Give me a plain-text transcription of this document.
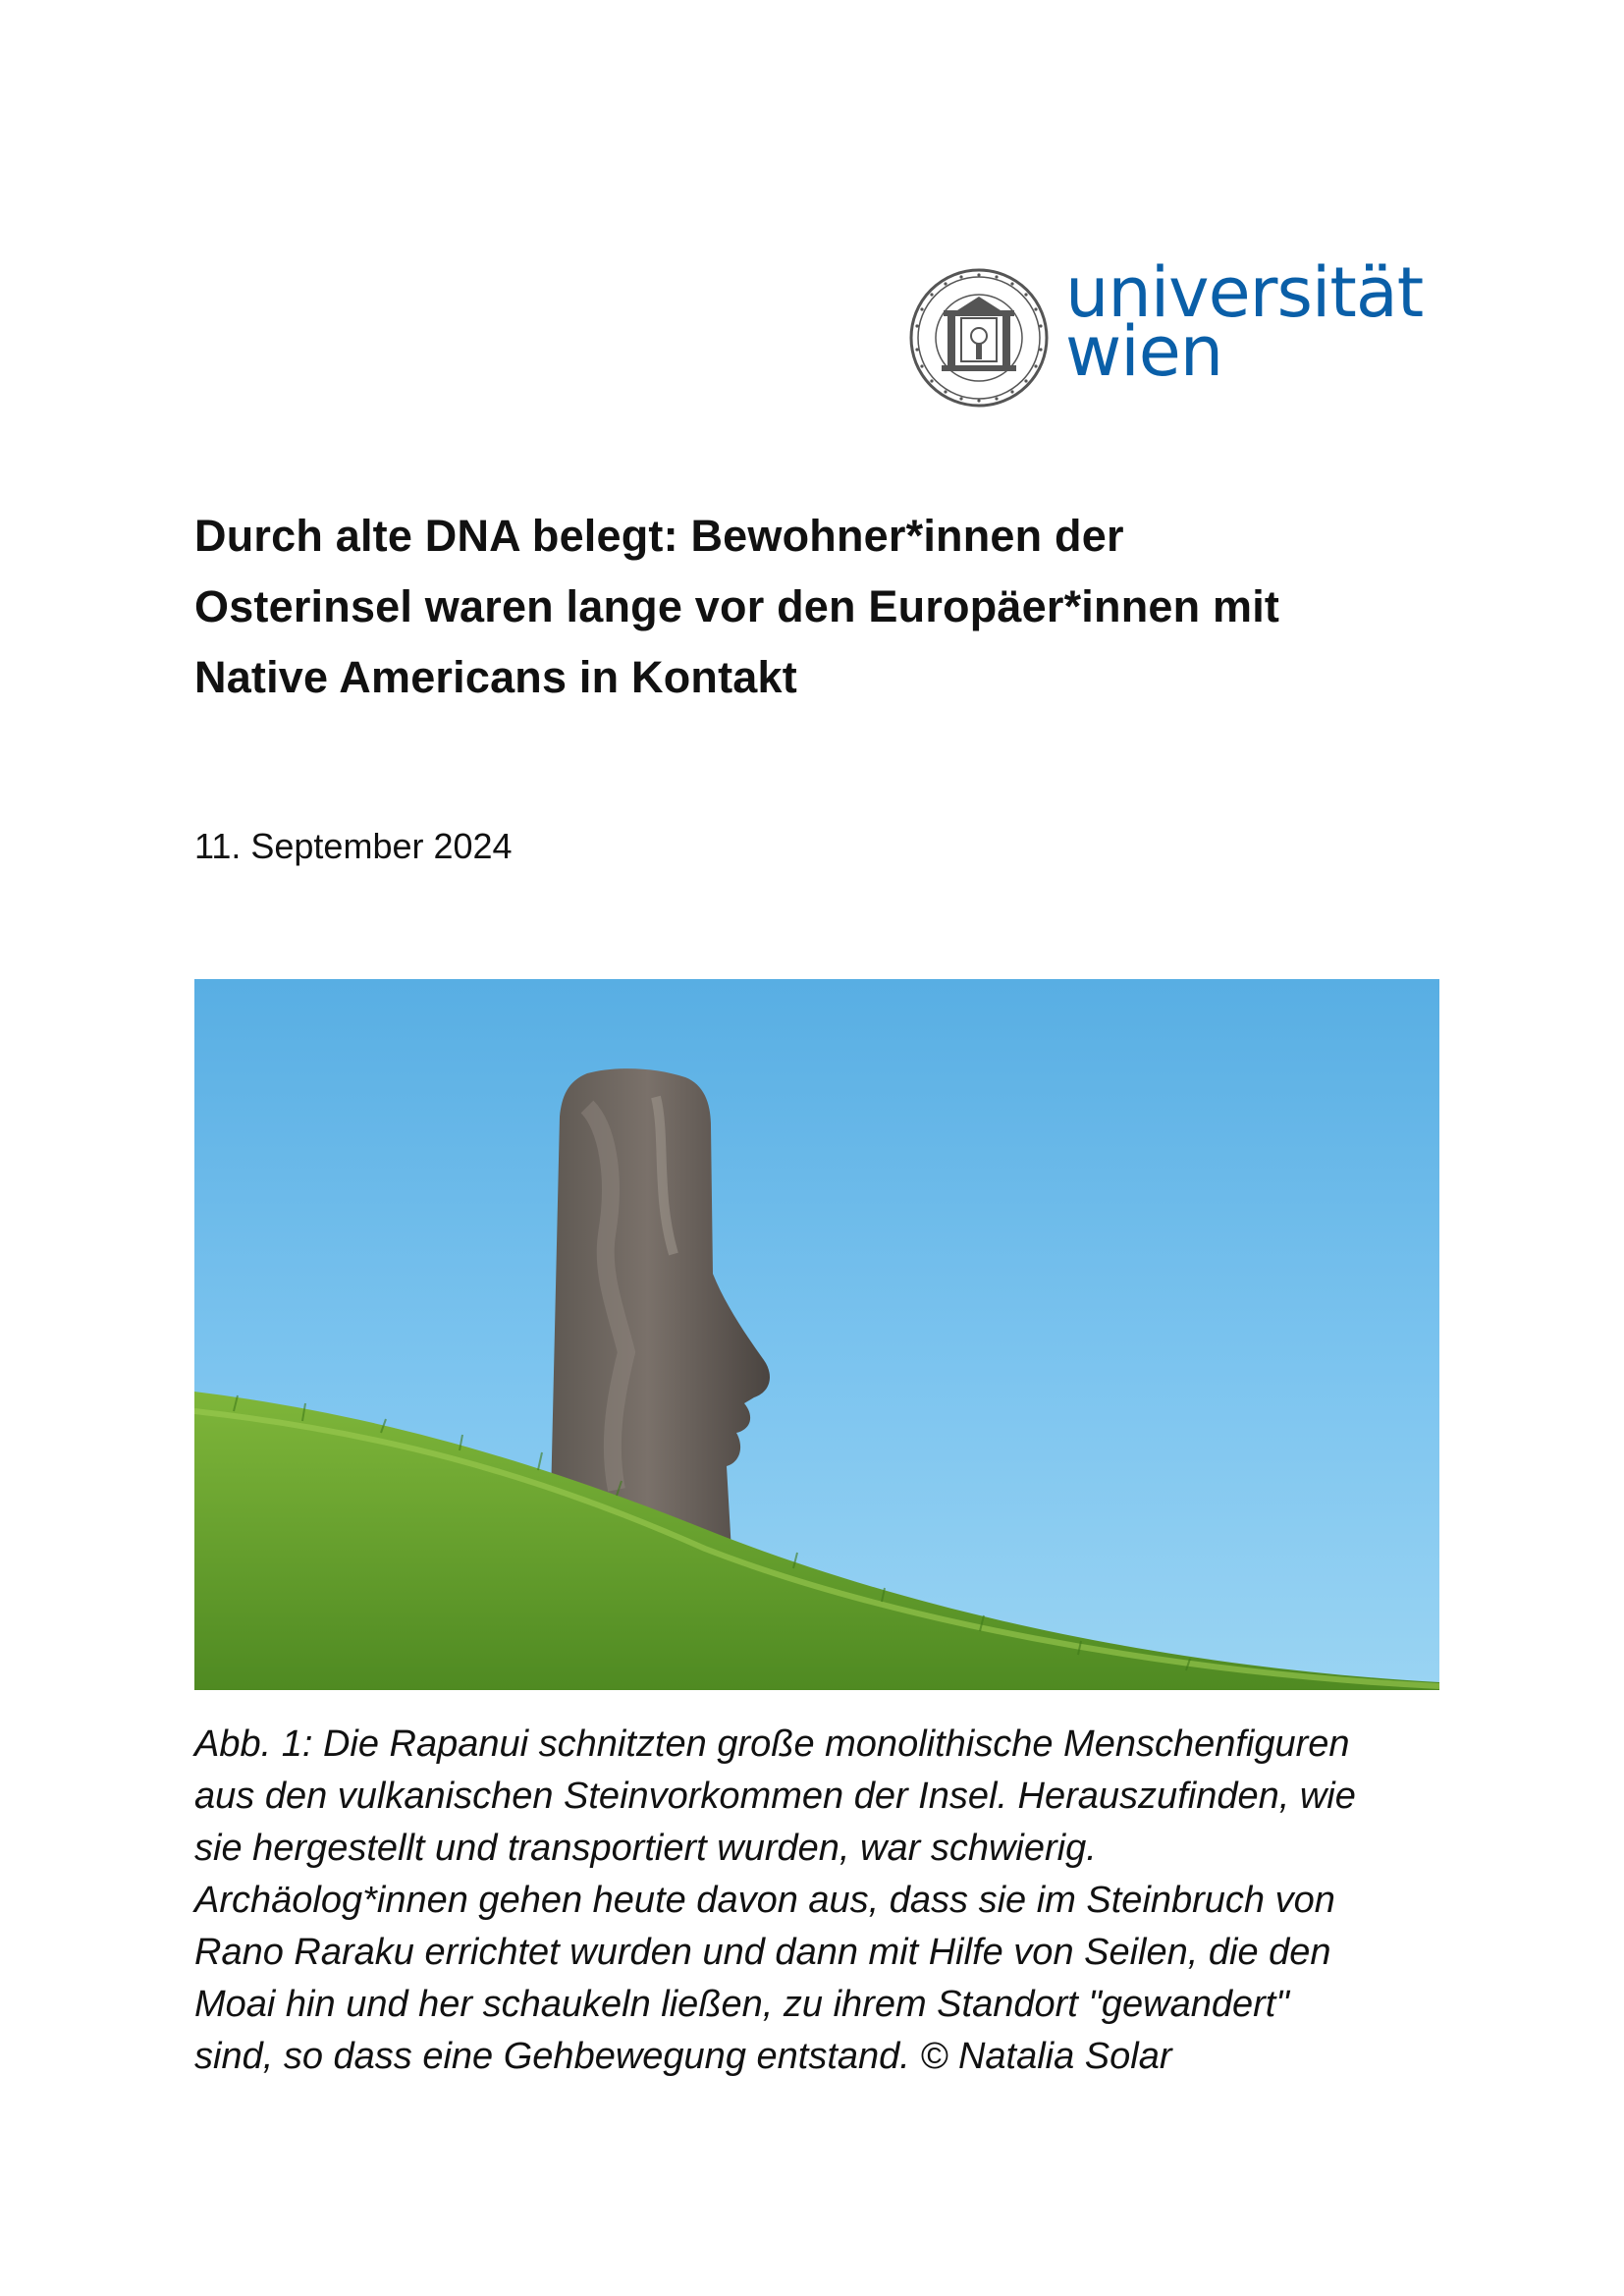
universität
wien
Durch alte DNA belegt: Bewohner*innen der
Osterinsel waren lange vor den Europäer*innen mit
Native Americans in Kontakt
11. September 2024

Abb. 1: Die Rapanui schnitzten große monolithische Menschenfiguren
aus den vulkanischen Steinvorkommen der Insel. Herauszufinden, wie
sie hergestellt und transportiert wurden, war schwierig.
Archäolog*innen gehen heute davon aus, dass sie im Steinbruch von
Rano Raraku errichtet wurden und dann mit Hilfe von Seilen, die den
Moai hin und her schaukeln ließen, zu ihrem Standort "gewandert"
sind, so dass eine Gehbewegung entstand. © Natalia Solar
